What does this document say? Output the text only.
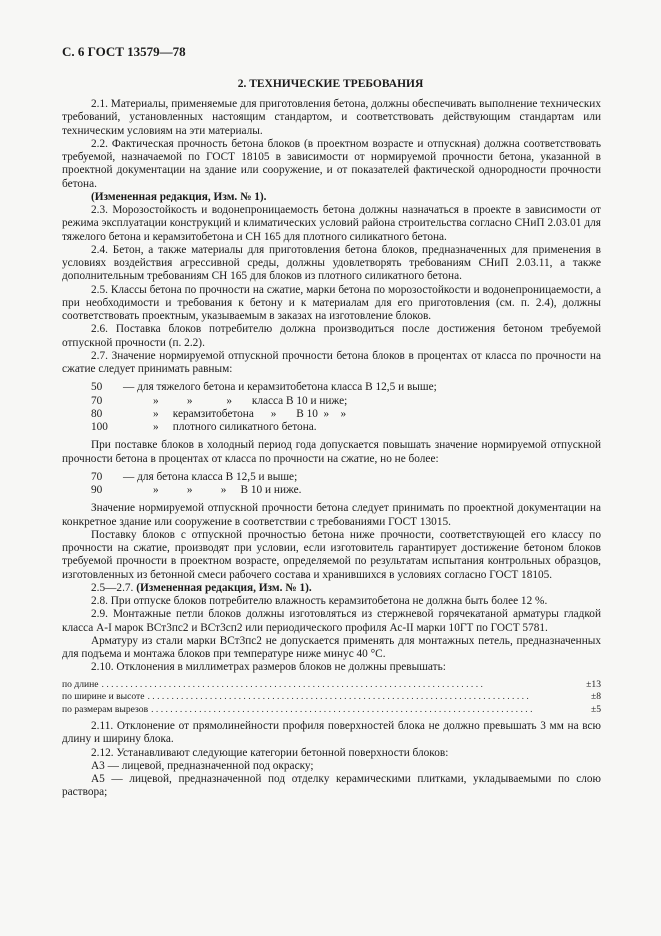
С. 6 ГОСТ 13579—78
2. ТЕХНИЧЕСКИЕ ТРЕБОВАНИЯ

2.1. Материалы, применяемые для приготовления бетона, должны обеспечивать выполнение технических требований, установленных настоящим стандартом, и соответствовать действующим стандартам или техническим условиям на эти материалы.

2.2. Фактическая прочность бетона блоков (в проектном возрасте и отпускная) должна соответствовать требуемой, назначаемой по ГОСТ 18105 в зависимости от нормируемой прочности бетона, указанной в проектной документации на здание или сооружение, и от показателей фактической однородности прочности бетона.

(Измененная редакция, Изм. № 1).

2.3. Морозостойкость и водонепроницаемость бетона должны назначаться в проекте в зависимости от режима эксплуатации конструкций и климатических условий района строительства согласно СНиП 2.03.01 для тяжелого бетона и керамзитобетона и СН 165 для плотного силикатного бетона.

2.4. Бетон, а также материалы для приготовления бетона блоков, предназначенных для применения в условиях воздействия агрессивной среды, должны удовлетворять требованиям СНиП 2.03.11, а также дополнительным требованиям СН 165 для блоков из плотного силикатного бетона.

2.5. Классы бетона по прочности на сжатие, марки бетона по морозостойкости и водонепроницаемости, а при необходимости и требования к бетону и к материалам для его приготовления (см. п. 2.4), должны соответствовать проектным, указываемым в заказах на изготовление блоков.

2.6. Поставка блоков потребителю должна производиться после достижения бетоном требуемой отпускной прочности (п. 2.2).

2.7. Значение нормируемой отпускной прочности бетона блоков в процентах от класса по прочности на сжатие следует принимать равным:

50	— для тяжелого бетона и керамзитобетона класса В 12,5 и выше;
70	»          »            »       класса В 10 и ниже;
80	»     керамзитобетона      »       В 10  »    »
100	»     плотного силикатного бетона.

При поставке блоков в холодный период года допускается повышать значение нормируемой отпускной прочности бетона в процентах от класса по прочности на сжатие, но не более:

70	— для бетона класса В 12,5 и выше;
90	»          »          »     В 10 и ниже.

Значение нормируемой отпускной прочности бетона следует принимать по проектной документации на конкретное здание или сооружение в соответствии с требованиями ГОСТ 13015.

Поставку блоков с отпускной прочностью бетона ниже прочности, соответствующей его классу по прочности на сжатие, производят при условии, если изготовитель гарантирует достижение бетоном блоков требуемой прочности в проектном возрасте, определяемой по результатам испытания контрольных образцов, изготовленных из бетонной смеси рабочего состава и хранившихся в условиях согласно ГОСТ 18105.

2.5—2.7. (Измененная редакция, Изм. № 1).

2.8. При отпуске блоков потребителю влажность керамзитобетона не должна быть более 12 %.

2.9. Монтажные петли блоков должны изготовляться из стержневой горячекатаной арматуры гладкой класса А-I марок ВСт3пс2 и ВСт3сп2 или периодического профиля Ас-II марки 10ГТ по ГОСТ 5781.

Арматуру из стали марки ВСт3пс2 не допускается применять для монтажных петель, предназначенных для подъема и монтажа блоков при температуре ниже минус 40 °С.

2.10. Отклонения в миллиметрах размеров блоков не должны превышать:

по длине . . . . . . . . . . . . . . . . . . . . . . . . . . . . . . . . . . . . . . . . . . . . . . . . . . . . . . . . . . . . . . . . . . . . . . . . . . . . . . . .	±13
по ширине и высоте . . . . . . . . . . . . . . . . . . . . . . . . . . . . . . . . . . . . . . . . . . . . . . . . . . . . . . . . . . . . . . . . . . . . . . . . . . . . . . . .	±8
по размерам вырезов . . . . . . . . . . . . . . . . . . . . . . . . . . . . . . . . . . . . . . . . . . . . . . . . . . . . . . . . . . . . . . . . . . . . . . . . . . . . . . . .	±5

2.11. Отклонение от прямолинейности профиля поверхностей блока не должно превышать 3 мм на всю длину и ширину блока.

2.12. Устанавливают следующие категории бетонной поверхности блоков:

А3 — лицевой, предназначенной под окраску;

А5 — лицевой, предназначенной под отделку керамическими плитками, укладываемыми по слою раствора;
